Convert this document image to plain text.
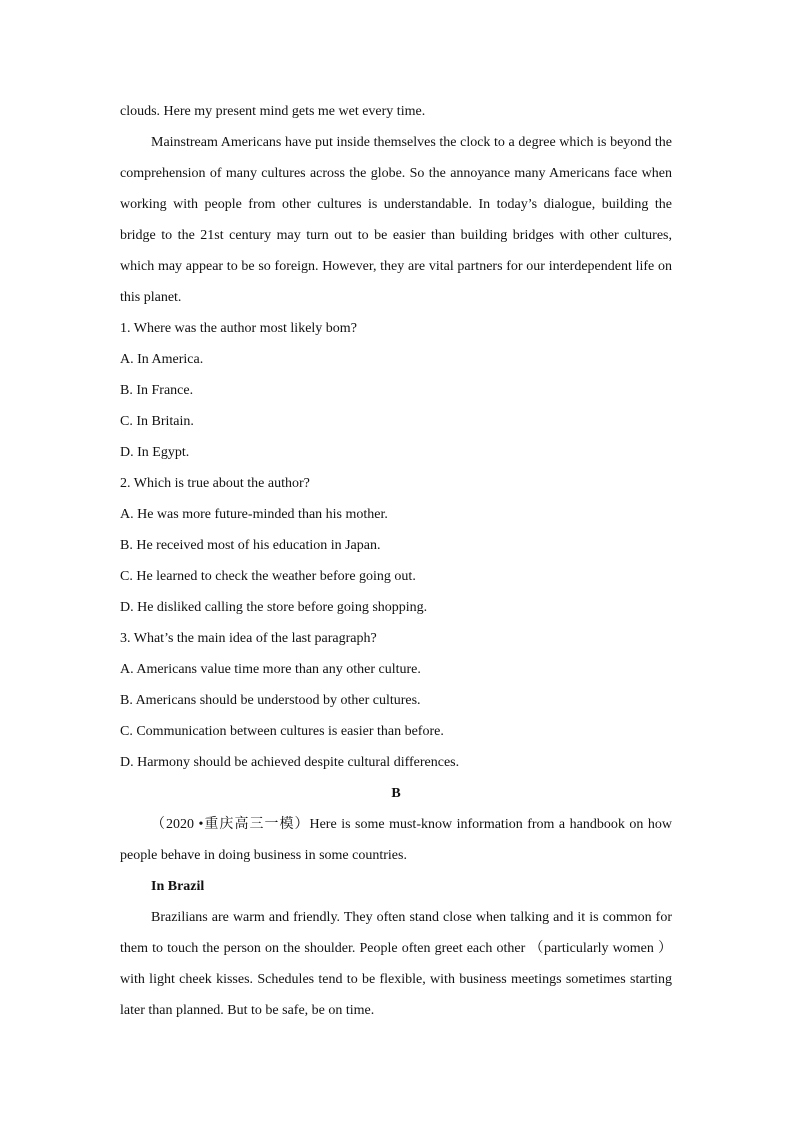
clouds. Here my present mind gets me wet every time.

Mainstream Americans have put inside themselves the clock to a degree which is beyond the comprehension of many cultures across the globe. So the annoyance many Americans face when working with people from other cultures is understandable. In today’s dialogue, building the bridge to the 21st century may turn out to be easier than building bridges with other cultures, which may appear to be so foreign. However, they are vital partners for our interdependent life on this planet.

1. Where was the author most likely bom?
A. In America.
B. In France.
C. In Britain.
D. In Egypt.
2. Which is true about the author?
A. He was more future-minded than his mother.
B. He received most of his education in Japan.
C. He learned to check the weather before going out.
D. He disliked calling the store before going shopping.
3. What’s the main idea of the last paragraph?
A. Americans value time more than any other culture.
B. Americans should be understood by other cultures.
C. Communication between cultures is easier than before.
D. Harmony should be achieved despite cultural differences.
B

（2020 •重庆高三一模）Here is some must-know information from a handbook on how people behave in doing business in some countries.

In Brazil

Brazilians are warm and friendly. They often stand close when talking and it is common for them to touch the person on the shoulder. People often greet each other （particularly women ） with light cheek kisses. Schedules tend to be flexible, with business meetings sometimes starting later than planned. But to be safe, be on time.
